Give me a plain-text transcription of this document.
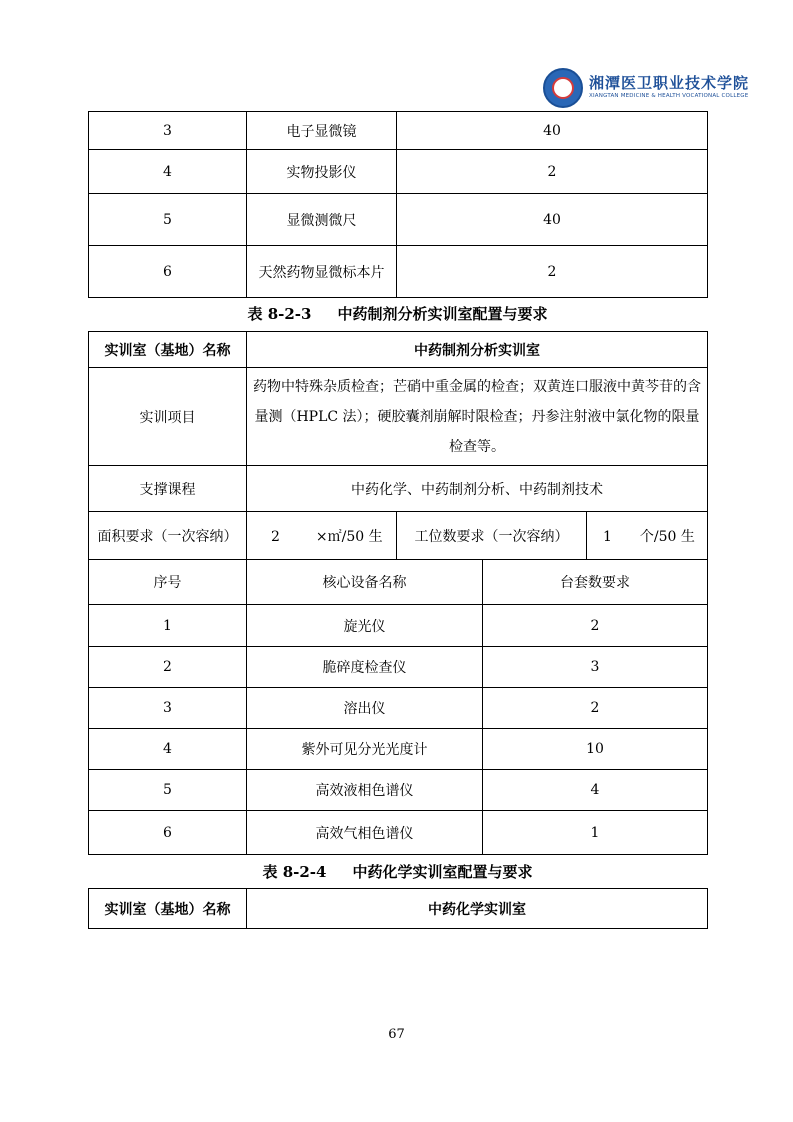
湘潭医卫职业技术学院
XIANGTAN MEDICINE & HEALTH VOCATIONAL COLLEGE
3	电子显微镜	40
4	实物投影仪	2
5	显微测微尺	40
6	天然药物显微标本片	2
表 8-2-3 中药制剂分析实训室配置与要求
实训室（基地）名称	中药制剂分析实训室		
实训项目	药物中特殊杂质检查；芒硝中重金属的检查；双黄连口服液中黄芩苷的含量测（HPLC 法）；硬胶囊剂崩解时限检查；丹参注射液中氯化物的限量检查等。		
支撑课程	中药化学、中药制剂分析、中药制剂技术		
面积要求（一次容纳）	2 ×㎡/50 生	工位数要求（一次容纳）	1 个/50 生
序号	核心设备名称	台套数要求
1	旋光仪	2
2	脆碎度检查仪	3
3	溶出仪	2
4	紫外可见分光光度计	10
5	高效液相色谱仪	4
6	高效气相色谱仪	1
表 8-2-4 中药化学实训室配置与要求
实训室（基地）名称	中药化学实训室
67
